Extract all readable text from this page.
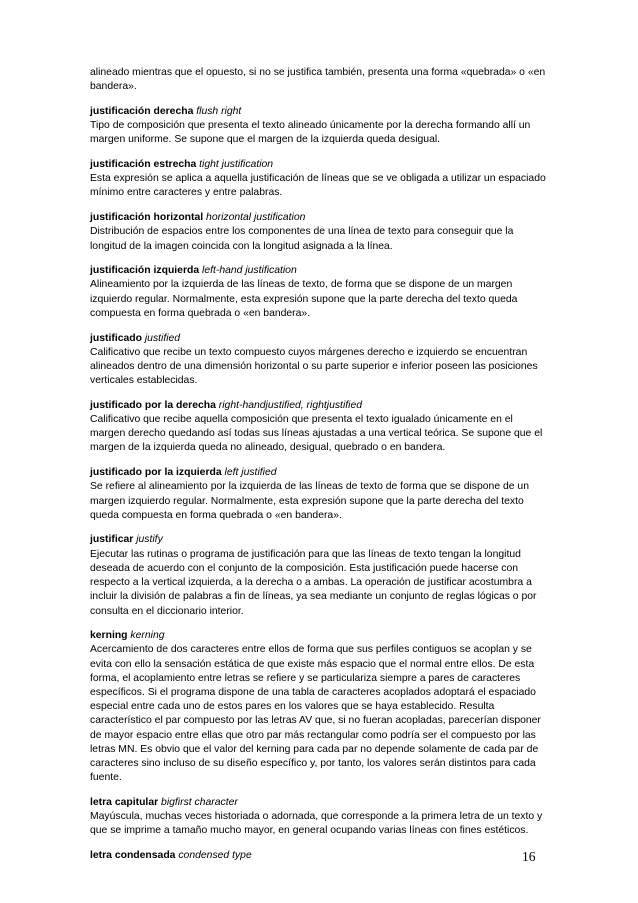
alineado mientras que el opuesto, si no se justifica también, presenta una forma «quebrada» o «en bandera».
justificación derecha flush right
Tipo de composición que presenta el texto alineado únicamente por la derecha formando allí un margen uniforme. Se supone que el margen de la izquierda queda desigual.
justificación estrecha tight justification
Esta expresión se aplica a aquella justificación de líneas que se ve obligada a utilizar un espaciado mínimo entre caracteres y entre palabras.
justificación horizontal horizontal justification
Distribución de espacios entre los componentes de una línea de texto para conseguir que la longitud de la imagen coincida con la longitud asignada a la línea.
justificación izquierda left-hand justification
Alineamiento por la izquierda de las líneas de texto, de forma que se dispone de un margen izquierdo regular. Normalmente, esta expresión supone que la parte derecha del texto queda compuesta en forma quebrada o «en bandera».
justificado justified
Calificativo que recibe un texto compuesto cuyos márgenes derecho e izquierdo se encuentran alineados dentro de una dimensión horizontal o su parte superior e inferior poseen las posiciones verticales establecidas.
justificado por la derecha right-handjustified, rightjustified
Calificativo que recibe aquella composición que presenta el texto igualado únicamente en el margen derecho quedando así todas sus líneas ajustadas a una vertical teórica. Se supone que el margen de la izquierda queda no alineado, desigual, quebrado o en bandera.
justificado por la izquierda left justified
Se refiere al alineamiento por la izquierda de las líneas de texto de forma que se dispone de un margen izquierdo regular. Normalmente, esta expresión supone que la parte derecha del texto queda compuesta en forma quebrada o «en bandera».
justificar justify
Ejecutar las rutinas o programa de justificación para que las líneas de texto tengan la longitud deseada de acuerdo con el conjunto de la composición. Esta justificación puede hacerse con respecto a la vertical izquierda, a la derecha o a ambas. La operación de justificar acostumbra a incluir la división de palabras a fin de líneas, ya sea mediante un conjunto de reglas lógicas o por consulta en el diccionario interior.
kerning kerning
Acercamiento de dos caracteres entre ellos de forma que sus perfiles contiguos se acoplan y se evita con ello la sensación estática de que existe más espacio que el normal entre ellos. De esta forma, el acoplamiento entre letras se refiere y se particulariza siempre a pares de caracteres específicos. Si el programa dispone de una tabla de caracteres acoplados adoptará el espaciado especial entre cada uno de estos pares en los valores que se haya establecido. Resulta característico el par compuesto por las letras AV que, si no fueran acopladas, parecerían disponer de mayor espacio entre ellas que otro par más rectangular como podría ser el compuesto por las letras MN. Es obvio que el valor del kerning para cada par no depende solamente de cada par de caracteres sino incluso de su diseño específico y, por tanto, los valores serán distintos para cada fuente.
letra capitular bigfirst character
Mayúscula, muchas veces historiada o adornada, que corresponde a la primera letra de un texto y que se imprime a tamaño mucho mayor, en general ocupando varias líneas con fines estéticos.
letra condensada condensed type	16
